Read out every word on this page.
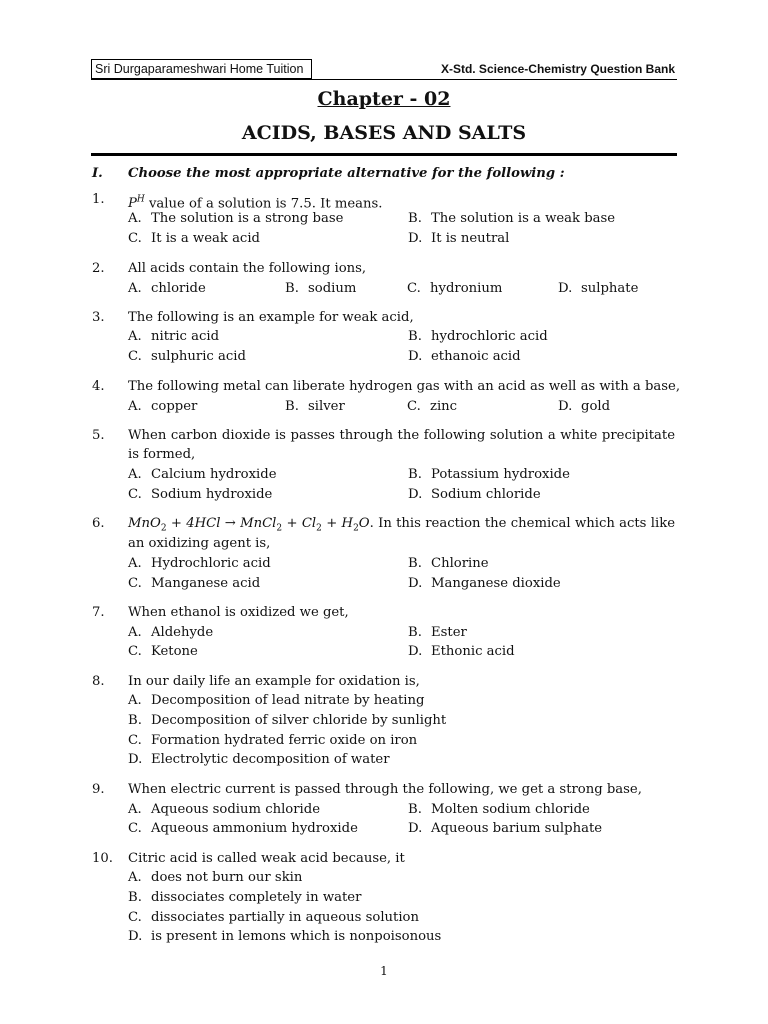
Sri Durgaparameshwari Home Tuition	X-Std. Science-Chemistry Question Bank
Chapter - 02
ACIDS, BASES AND SALTS
I. Choose the most appropriate alternative for the following :
1. $P^H$ value of a solution is 7.5. It means.
A. The solution is a strong base	B. The solution is a weak base
C. It is a weak acid	D. It is neutral
2. All acids contain the following ions,
A. chloride	B. sodium	C. hydronium	D. sulphate
3. The following is an example for weak acid,
A. nitric acid	B. hydrochloric acid
C. sulphuric acid	D. ethanoic acid
4. The following metal can liberate hydrogen gas with an acid as well as with a base,
A. copper	B. silver	C. zinc	D. gold
5. When carbon dioxide is passes through the following solution a white precipitate
is formed,
A. Calcium hydroxide	B. Potassium hydroxide
C. Sodium hydroxide	D. Sodium chloride
6. MnO$_2$ + 4HCl → MnCl$_2$ + $Cl_2 + H_2O$. In this reaction the chemical which acts like
an oxidizing agent is,
A. Hydrochloric acid	B. Chlorine
C. Manganese acid	D. Manganese dioxide
7. When ethanol is oxidized we get,
A. Aldehyde	B. Ester
C. Ketone	D. Ethonic acid
8. In our daily life an example for oxidation is,
A. Decomposition of lead nitrate by heating
B. Decomposition of silver chloride by sunlight
C. Formation hydrated ferric oxide on iron
D. Electrolytic decomposition of water
9. When electric current is passed through the following, we get a strong base,
A. Aqueous sodium chloride	B. Molten sodium chloride
C. Aqueous ammonium hydroxide	D. Aqueous barium sulphate
10. Citric acid is called weak acid because, it
A. does not burn our skin
B. dissociates completely in water
C. dissociates partially in aqueous solution
D. is present in lemons which is nonpoisonous
1
